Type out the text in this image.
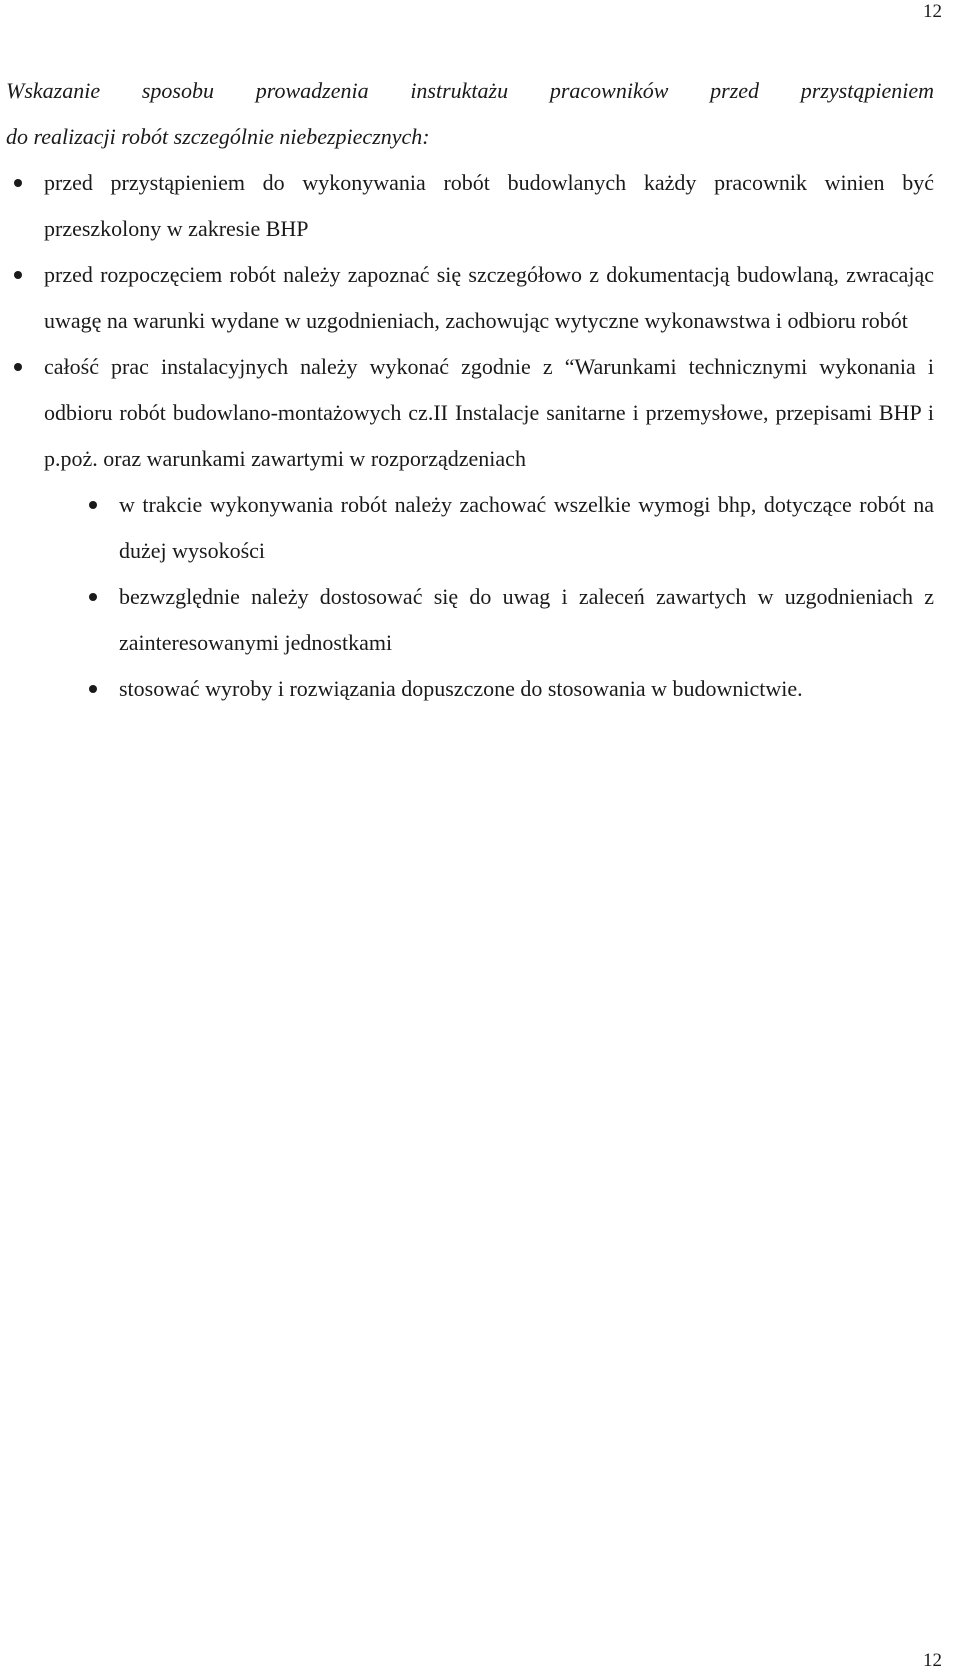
12
Wskazanie sposobu prowadzenia instruktażu pracowników przed przystąpieniem
do realizacji robót szczególnie niebezpiecznych:
przed przystąpieniem do wykonywania robót budowlanych każdy pracownik winien być przeszkolony w zakresie BHP
przed rozpoczęciem robót należy zapoznać się szczegółowo z dokumentacją budowlaną, zwracając uwagę na warunki wydane w uzgodnieniach, zachowując wytyczne wykonawstwa i odbioru robót
całość prac instalacyjnych należy wykonać zgodnie z “Warunkami technicznymi wykonania i odbioru robót budowlano-montażowych cz.II Instalacje sanitarne i przemysłowe, przepisami BHP i p.poż. oraz warunkami zawartymi w rozporządzeniach
w trakcie wykonywania robót należy zachować wszelkie wymogi bhp, dotyczące robót na dużej wysokości
bezwzględnie należy dostosować się do uwag i zaleceń zawartych w uzgodnieniach z zainteresowanymi jednostkami
stosować wyroby i rozwiązania dopuszczone do stosowania w budownictwie.
12
